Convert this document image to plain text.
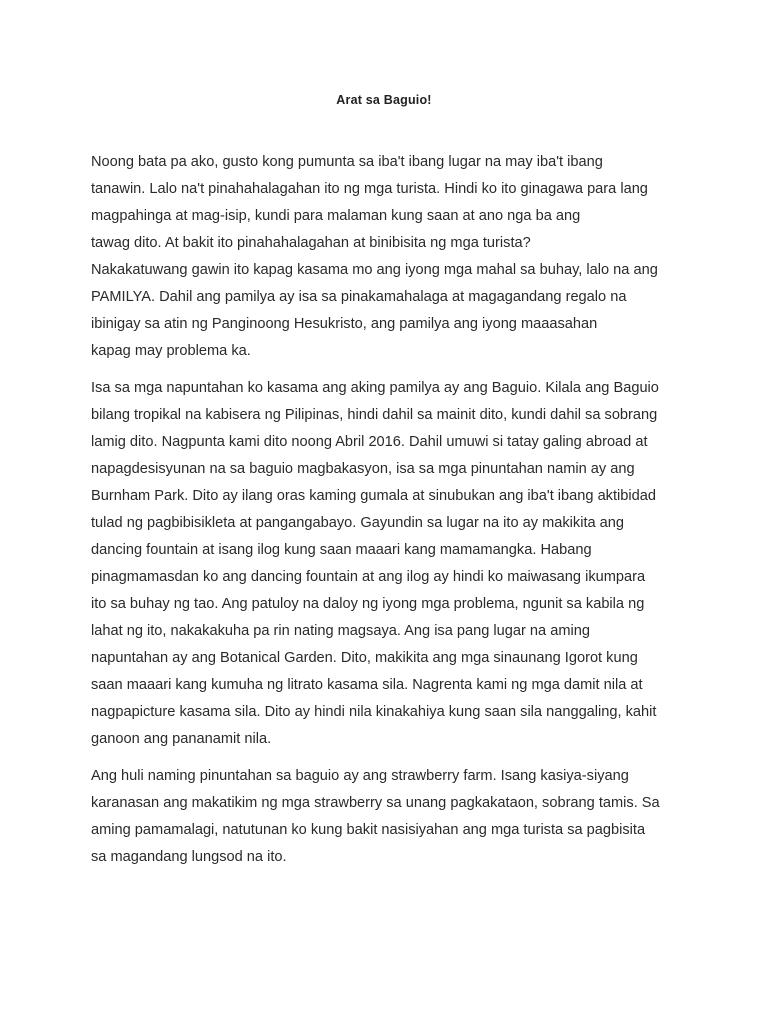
Arat sa Baguio!
Noong bata pa ako, gusto kong pumunta sa iba't ibang lugar na may iba't ibang
tanawin. Lalo na't pinahahalagahan ito ng mga turista. Hindi ko ito ginagawa para lang
magpahinga at mag-isip, kundi para malaman kung saan at ano nga ba ang
tawag dito. At bakit ito pinahahalagahan at binibisita ng mga turista?
Nakakatuwang gawin ito kapag kasama mo ang iyong mga mahal sa buhay, lalo na ang
PAMILYA. Dahil ang pamilya ay isa sa pinakamahalaga at magagandang regalo na
ibinigay sa atin ng Panginoong Hesukristo, ang pamilya ang iyong maaasahan
kapag may problema ka.
Isa sa mga napuntahan ko kasama ang aking pamilya ay ang Baguio. Kilala ang Baguio
bilang tropikal na kabisera ng Pilipinas, hindi dahil sa mainit dito, kundi dahil sa sobrang
lamig dito. Nagpunta kami dito noong Abril 2016. Dahil umuwi si tatay galing abroad at
napagdesisyunan na sa baguio magbakasyon, isa sa mga pinuntahan namin ay ang
Burnham Park. Dito ay ilang oras kaming gumala at sinubukan ang iba't ibang aktibidad
tulad ng pagbibisikleta at pangangabayo. Gayundin sa lugar na ito ay makikita ang
dancing fountain at isang ilog kung saan maaari kang mamamangka. Habang
pinagmamasdan ko ang dancing fountain at ang ilog ay hindi ko maiwasang ikumpara
ito sa buhay ng tao. Ang patuloy na daloy ng iyong mga problema, ngunit sa kabila ng
lahat ng ito, nakakakuha pa rin nating magsaya. Ang isa pang lugar na aming
napuntahan ay ang Botanical Garden. Dito, makikita ang mga sinaunang Igorot kung
saan maaari kang kumuha ng litrato kasama sila. Nagrenta kami ng mga damit nila at
nagpapicture kasama sila. Dito ay hindi nila kinakahiya kung saan sila nanggaling, kahit
ganoon ang pananamit nila.
Ang huli naming pinuntahan sa baguio ay ang strawberry farm. Isang kasiya-siyang
karanasan ang makatikim ng mga strawberry sa unang pagkakataon, sobrang tamis. Sa
aming pamamalagi, natutunan ko kung bakit nasisiyahan ang mga turista sa pagbisita
sa magandang lungsod na ito.
